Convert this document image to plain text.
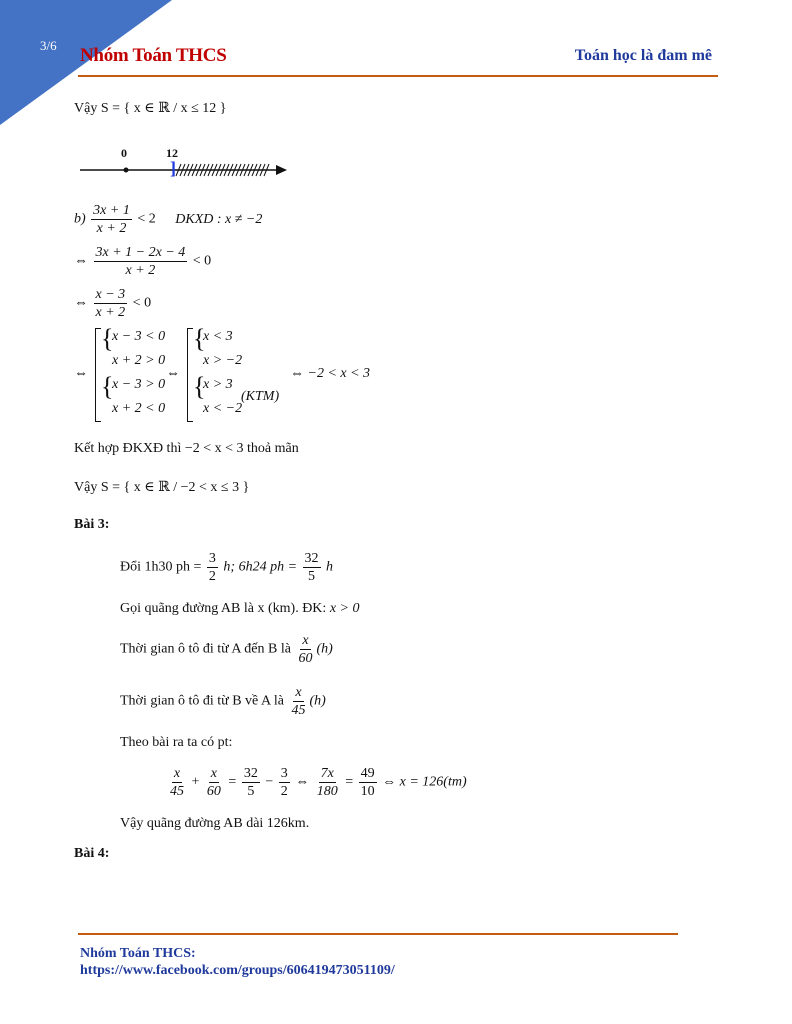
3/6 Nhóm Toán THCS	Toán học là đam mê
Vậy S = { x ∈ ℝ / x ≤ 12 }
0	12
]
$b) \frac{3x + 1}{x + 2} < 2$ DKXD : x ≠ −2
⇔ $\frac{3x + 1 - 2x - 4}{x + 2} < 0$
⇔ $\frac{x - 3}{x + 2} < 0$
⇔
{
{
x − 3 < 0
x + 2 > 0
x − 3 > 0
x + 2 < 0
⇔
{
{
x < 3
x > −2
x > 3
x < −2
(KTM)
⇔ −2 < x < 3
Kết hợp ĐKXĐ thì −2 < x < 3 thoả mãn
Vậy S = { x ∈ ℝ / −2 < x ≤ 3 }
Bài 3:
Đổi 1h30 ph = $\frac{3}{2} h$; 6h24 ph = $\frac{32}{5}$ h
Gọi quãng đường AB là x (km). ĐK: x > 0
Thời gian ô tô đi từ A đến B là $\frac{x}{60} (h)$
Thời gian ô tô đi từ B về A là $\frac{x}{45} (h)$
Theo bài ra ta có pt:
$\frac{x}{45} + \frac{x}{60} = \frac{32}{5} - \frac{3}{2}$ ⇔ $\frac{7x}{180} = \frac{49}{10}$ ⇔ x = 126(tm)
Vậy quãng đường AB dài 126km.
Bài 4:
Nhóm Toán THCS:
https://www.facebook.com/groups/606419473051109/
